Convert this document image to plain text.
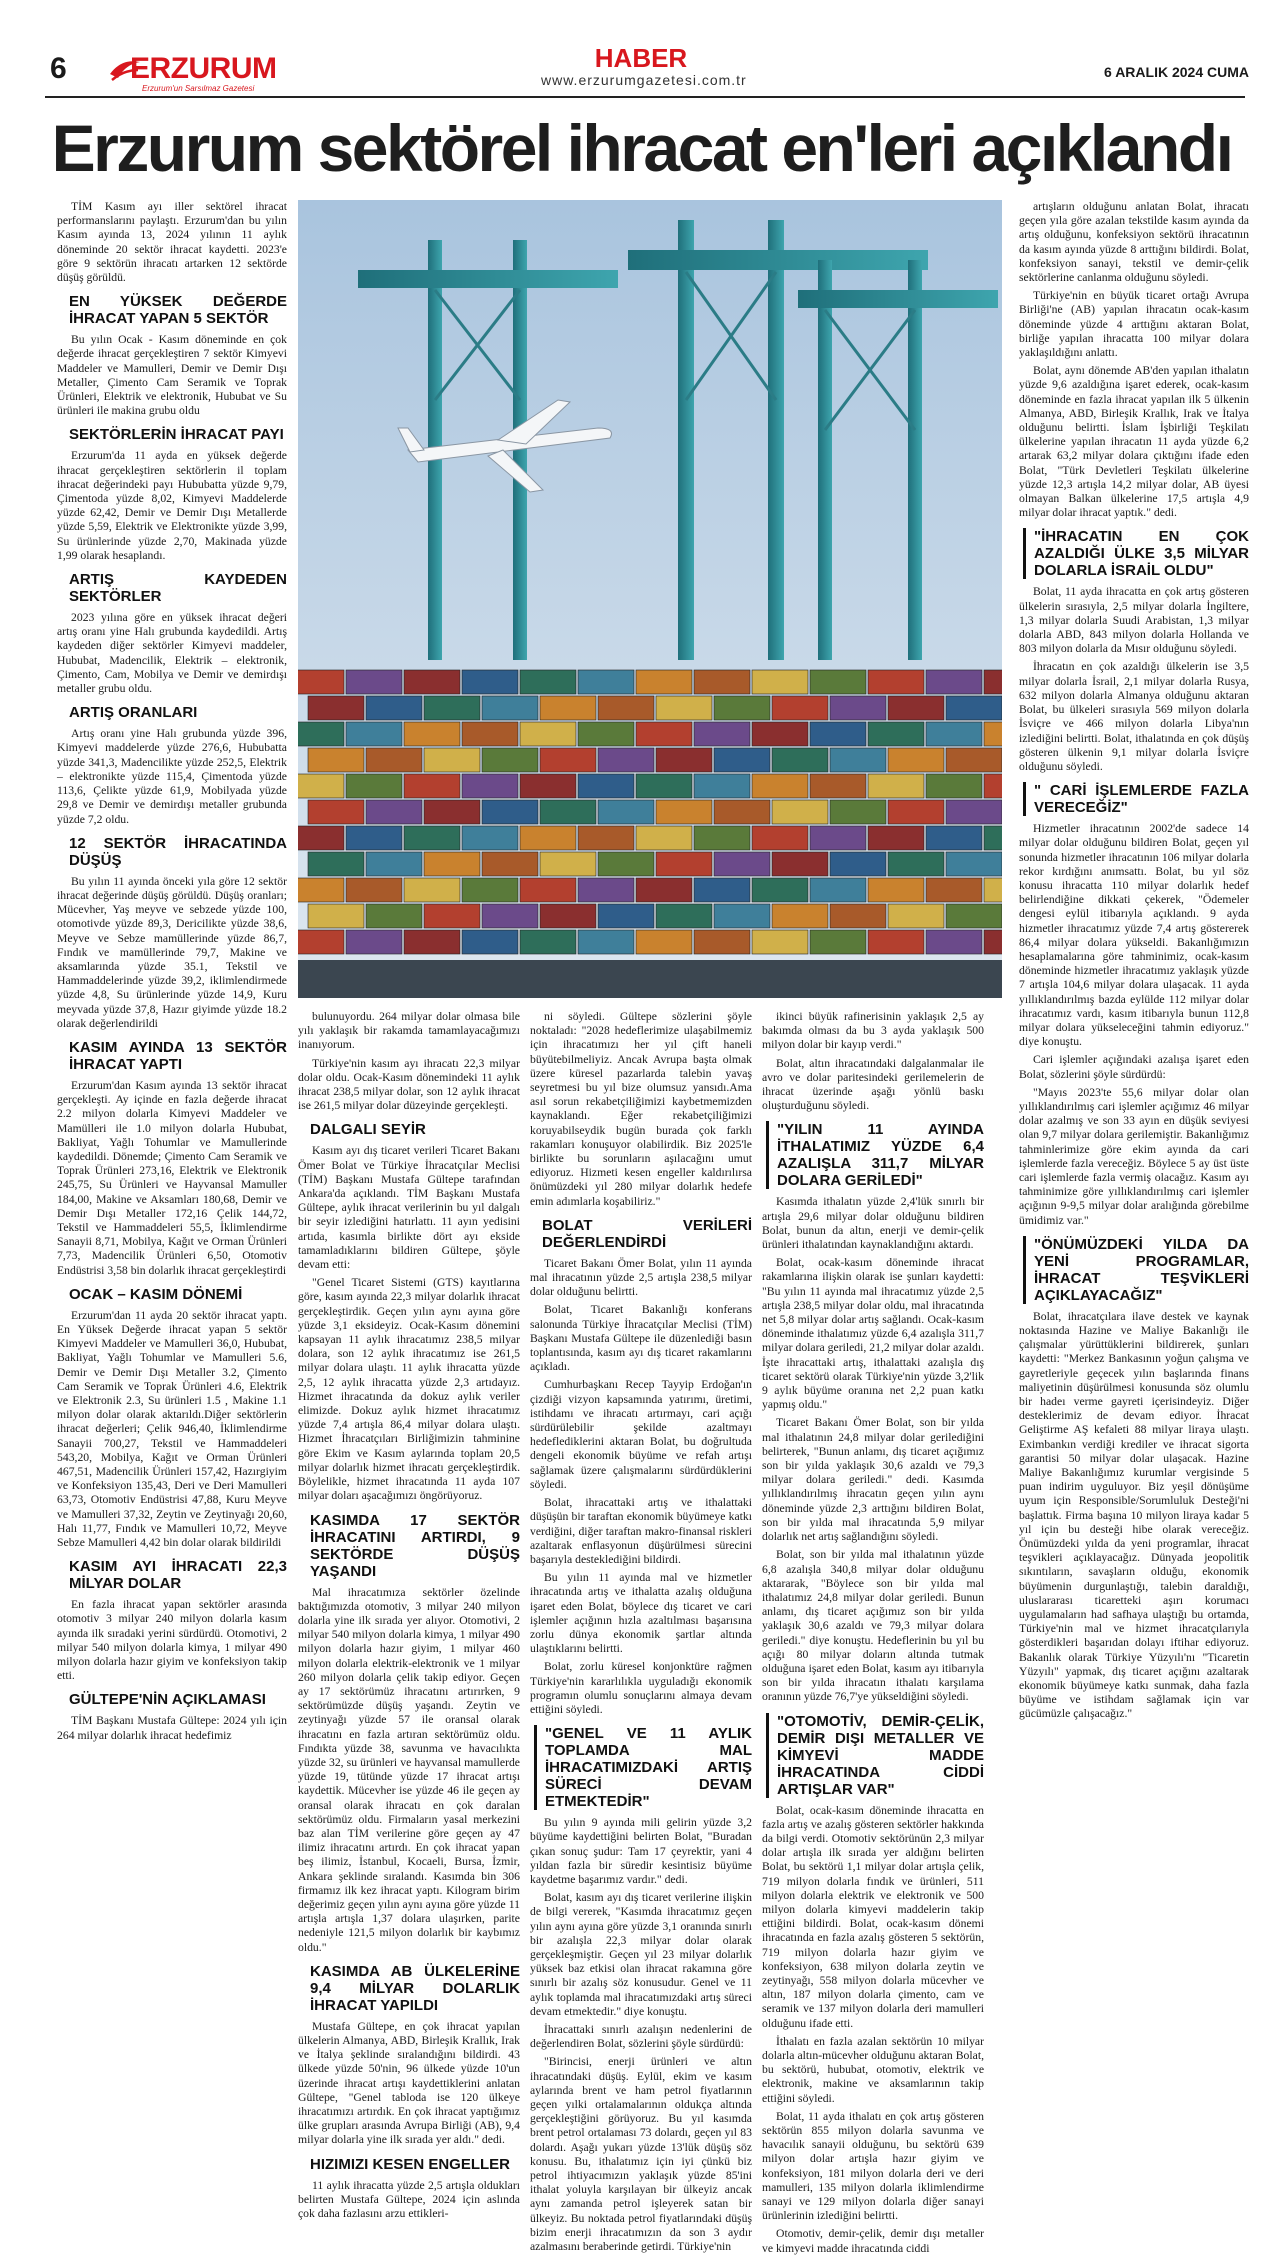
6 ERZURUM
Erzurum'un Sarsılmaz Gazetesi
HABER
www.erzurumgazetesi.com.tr	6 ARALIK 2024 CUMA
Erzurum sektörel ihracat en'leri açıklandı

TİM Kasım ayı iller sektörel ihracat performanslarını paylaştı. Erzurum'dan bu yılın Kasım ayında 13, 2024 yılının 11 aylık döneminde 20 sektör ihracat kaydetti. 2023'e göre 9 sektörün ihracatı artarken 12 sektörde düşüş görüldü.

EN YÜKSEK DEĞERDE İHRACAT YAPAN 5 SEKTÖR

Bu yılın Ocak - Kasım döneminde en çok değerde ihracat gerçekleştiren 7 sektör Kimyevi Maddeler ve Mamulleri, Demir ve Demir Dışı Metaller, Çimento Cam Seramik ve Toprak Ürünleri, Elektrik ve elektronik, Hububat ve Su ürünleri ile makina grubu oldu

SEKTÖRLERİN İHRACAT PAYI

Erzurum'da 11 ayda en yüksek değerde ihracat gerçekleştiren sektörlerin il toplam ihracat değerindeki payı Hububatta yüzde 9,79, Çimentoda yüzde 8,02, Kimyevi Maddelerde yüzde 62,42, Demir ve Demir Dışı Metallerde yüzde 5,59, Elektrik ve Elektronikte yüzde 3,99, Su ürünlerinde yüzde 2,70, Makinada yüzde 1,99 olarak hesaplandı.

ARTIŞ KAYDEDEN SEKTÖRLER

2023 yılına göre en yüksek ihracat değeri artış oranı yine Halı grubunda kaydedildi. Artış kaydeden diğer sektörler Kimyevi maddeler, Hububat, Madencilik, Elektrik – elektronik, Çimento, Cam, Mobilya ve Demir ve demirdışı metaller grubu oldu.

ARTIŞ ORANLARI

Artış oranı yine Halı grubunda yüzde 396, Kimyevi maddelerde yüzde 276,6, Hububatta yüzde 341,3, Madencilikte yüzde 252,5, Elektrik – elektronikte yüzde 115,4, Çimentoda yüzde 113,6, Çelikte yüzde 61,9, Mobilyada yüzde 29,8 ve Demir ve demirdışı metaller grubunda yüzde 7,2 oldu.

12 SEKTÖR İHRACATINDA DÜŞÜŞ

Bu yılın 11 ayında önceki yıla göre 12 sektör ihracat değerinde düşüş görüldü. Düşüş oranları; Mücevher, Yaş meyve ve sebzede yüzde 100, otomotivde yüzde 89,3, Dericilikte yüzde 38,6, Meyve ve Sebze mamüllerinde yüzde 86,7, Fındık ve mamüllerinde 79,7, Makine ve aksamlarında yüzde 35.1, Tekstil ve Hammaddelerinde yüzde 39,2, iklimlendirmede yüzde 4,8, Su ürünlerinde yüzde 14,9, Kuru meyvada yüzde 37,8, Hazır giyimde yüzde 18.2 olarak değerlendirildi

KASIM AYINDA 13 SEKTÖR İHRACAT YAPTI

Erzurum'dan Kasım ayında 13 sektör ihracat gerçekleşti. Ay içinde en fazla değerde ihracat 2.2 milyon dolarla Kimyevi Maddeler ve Mamülleri ile 1.0 milyon dolarla Hububat, Bakliyat, Yağlı Tohumlar ve Mamullerinde kaydedildi. Dönemde; Çimento Cam Seramik ve Toprak Ürünleri 273,16, Elektrik ve Elektronik 245,75, Su Ürünleri ve Hayvansal Mamuller 184,00, Makine ve Aksamları 180,68, Demir ve Demir Dışı Metaller 172,16 Çelik 144,72, Tekstil ve Hammaddeleri 55,5, İklimlendirme Sanayii 8,71, Mobilya, Kağıt ve Orman Ürünleri 7,73, Madencilik Ürünleri 6,50, Otomotiv Endüstrisi 3,58 bin dolarlık ihracat gerçekleştirdi

OCAK – KASIM DÖNEMİ

Erzurum'dan 11 ayda 20 sektör ihracat yaptı. En Yüksek Değerde ihracat yapan 5 sektör Kimyevi Maddeler ve Mamulleri 36,0, Hububat, Bakliyat, Yağlı Tohumlar ve Mamulleri 5.6, Demir ve Demir Dışı Metaller 3.2, Çimento Cam Seramik ve Toprak Ürünleri 4.6, Elektrik ve Elektronik 2.3, Su ürünleri 1.5 , Makine 1.1 milyon dolar olarak aktarıldı.Diğer sektörlerin ihracat değerleri; Çelik 946,40, İklimlendirme Sanayii 700,27, Tekstil ve Hammaddeleri 543,20, Mobilya, Kağıt ve Orman Ürünleri 467,51, Madencilik Ürünleri 157,42, Hazırgiyim ve Konfeksiyon 135,43, Deri ve Deri Mamulleri 63,73, Otomotiv Endüstrisi 47,88, Kuru Meyve ve Mamulleri 37,32, Zeytin ve Zeytinyağı 20,60, Halı 11,77, Fındık ve Mamulleri 10,72, Meyve Sebze Mamulleri 4,42 bin dolar olarak bildirildi

KASIM AYI İHRACATI 22,3 MİLYAR DOLAR

En fazla ihracat yapan sektörler arasında otomotiv 3 milyar 240 milyon dolarla kasım ayında ilk sıradaki yerini sürdürdü. Otomotivi, 2 milyar 540 milyon dolarla kimya, 1 milyar 490 milyon dolarla hazır giyim ve konfeksiyon takip etti.

GÜLTEPE'NİN AÇIKLAMASI

TİM Başkanı Mustafa Gültepe: 2024 yılı için 264 milyar dolarlık ihracat hedefimiz

bulunuyordu. 264 milyar dolar olmasa bile yılı yaklaşık bir rakamda tamamlayacağımızı inanıyorum.

Türkiye'nin kasım ayı ihracatı 22,3 milyar dolar oldu. Ocak-Kasım dönemindeki 11 aylık ihracat 238,5 milyar dolar, son 12 aylık ihracat ise 261,5 milyar dolar düzeyinde gerçekleşti.

DALGALI SEYİR

Kasım ayı dış ticaret verileri Ticaret Bakanı Ömer Bolat ve Türkiye İhracatçılar Meclisi (TİM) Başkanı Mustafa Gültepe tarafından Ankara'da açıklandı. TİM Başkanı Mustafa Gültepe, aylık ihracat verilerinin bu yıl dalgalı bir seyir izlediğini hatırlattı. 11 ayın yedisini artıda, kasımla birlikte dört ayı ekside tamamladıklarını bildiren Gültepe, şöyle devam etti:

"Genel Ticaret Sistemi (GTS) kayıtlarına göre, kasım ayında 22,3 milyar dolarlık ihracat gerçekleştirdik. Geçen yılın aynı ayına göre yüzde 3,1 eksideyiz. Ocak-Kasım dönemini kapsayan 11 aylık ihracatımız 238,5 milyar dolara, son 12 aylık ihracatımız ise 261,5 milyar dolara ulaştı. 11 aylık ihracatta yüzde 2,5, 12 aylık ihracatta yüzde 2,3 artıdayız. Hizmet ihracatında da dokuz aylık veriler elimizde. Dokuz aylık hizmet ihracatımız yüzde 7,4 artışla 86,4 milyar dolara ulaştı. Hizmet İhracatçıları Birliğimizin tahminine göre Ekim ve Kasım aylarında toplam 20,5 milyar dolarlık hizmet ihracatı gerçekleştirdik. Böylelikle, hizmet ihracatında 11 ayda 107 milyar doları aşacağımızı öngörüyoruz.

KASIMDA 17 SEKTÖR İHRACATINI ARTIRDI, 9 SEKTÖRDE DÜŞÜŞ YAŞANDI

Mal ihracatımıza sektörler özelinde baktığımızda otomotiv, 3 milyar 240 milyon dolarla yine ilk sırada yer alıyor. Otomotivi, 2 milyar 540 milyon dolarla kimya, 1 milyar 490 milyon dolarla hazır giyim, 1 milyar 460 milyon dolarla elektrik-elektronik ve 1 milyar 260 milyon dolarla çelik takip ediyor. Geçen ay 17 sektörümüz ihracatını artırırken, 9 sektörümüzde düşüş yaşandı. Zeytin ve zeytinyağı yüzde 57 ile oransal olarak ihracatını en fazla artıran sektörümüz oldu. Fındıkta yüzde 38, savunma ve havacılıkta yüzde 32, su ürünleri ve hayvansal mamullerde yüzde 19, tütünde yüzde 17 ihracat artışı kaydettik. Mücevher ise yüzde 46 ile geçen ay oransal olarak ihracatı en çok daralan sektörümüz oldu. Firmaların yasal merkezini baz alan TİM verilerine göre geçen ay 47 ilimiz ihracatını artırdı. En çok ihracat yapan beş ilimiz, İstanbul, Kocaeli, Bursa, İzmir, Ankara şeklinde sıralandı. Kasımda bin 306 firmamız ilk kez ihracat yaptı. Kilogram birim değerimiz geçen yılın aynı ayına göre yüzde 11 artışla artışla 1,37 dolara ulaşırken, parite nedeniyle 121,5 milyon dolarlık bir kaybımız oldu."

KASIMDA AB ÜLKELERİNE 9,4 MİLYAR DOLARLIK İHRACAT YAPILDI

Mustafa Gültepe, en çok ihracat yapılan ülkelerin Almanya, ABD, Birleşik Krallık, Irak ve İtalya şeklinde sıralandığını bildirdi. 43 ülkede yüzde 50'nin, 96 ülkede yüzde 10'un üzerinde ihracat artışı kaydettiklerini anlatan Gültepe, "Genel tabloda ise 120 ülkeye ihracatımızı artırdık. En çok ihracat yaptığımız ülke grupları arasında Avrupa Birliği (AB), 9,4 milyar dolarla yine ilk sırada yer aldı." dedi.

HIZIMIZI KESEN ENGELLER

11 aylık ihracatta yüzde 2,5 artışla oldukları belirten Mustafa Gültepe, 2024 için aslında çok daha fazlasını arzu ettikleri-

ni söyledi. Gültepe sözlerini şöyle noktaladı: "2028 hedeflerimize ulaşabilmemiz için ihracatımızı her yıl çift haneli büyütebilmeliyiz. Ancak Avrupa başta olmak üzere küresel pazarlarda talebin yavaş seyretmesi bu yıl bize olumsuz yansıdı.Ama asıl sorun rekabetçiliğimizi kaybetmemizden kaynaklandı. Eğer rekabetçiliğimizi koruyabilseydik bugün burada çok farklı rakamları konuşuyor olabilirdik. Biz 2025'le birlikte bu sorunların aşılacağını umut ediyoruz. Hizmeti kesen engeller kaldırılırsa önümüzdeki yıl 280 milyar dolarlık hedefe emin adımlarla koşabiliriz."

BOLAT VERİLERİ DEĞERLENDİRDİ

Ticaret Bakanı Ömer Bolat, yılın 11 ayında mal ihracatının yüzde 2,5 artışla 238,5 milyar dolar olduğunu belirtti.

Bolat, Ticaret Bakanlığı konferans salonunda Türkiye İhracatçılar Meclisi (TİM) Başkanı Mustafa Gültepe ile düzenlediği basın toplantısında, kasım ayı dış ticaret rakamlarını açıkladı.

Cumhurbaşkanı Recep Tayyip Erdoğan'ın çizdiği vizyon kapsamında yatırımı, üretimi, istihdamı ve ihracatı artırmayı, cari açığı sürdürülebilir şekilde azaltmayı hedeflediklerini aktaran Bolat, bu doğrultuda dengeli ekonomik büyüme ve refah artışı sağlamak üzere çalışmalarını sürdürdüklerini söyledi.

Bolat, ihracattaki artış ve ithalattaki düşüşün bir taraftan ekonomik büyümeye katkı verdiğini, diğer taraftan makro-finansal riskleri azaltarak enflasyonun düşürülmesi sürecini başarıyla desteklediğini bildirdi.

Bu yılın 11 ayında mal ve hizmetler ihracatında artış ve ithalatta azalış olduğuna işaret eden Bolat, böylece dış ticaret ve cari işlemler açığının hızla azaltılması başarısına zorlu dünya ekonomik şartlar altında ulaştıklarını belirtti.

Bolat, zorlu küresel konjonktüre rağmen Türkiye'nin kararlılıkla uyguladığı ekonomik programın olumlu sonuçlarını almaya devam ettiğini söyledi.

"GENEL VE 11 AYLIK TOPLAMDA MAL İHRACATIMIZDAKİ ARTIŞ SÜRECİ DEVAM ETMEKTEDİR"

Bu yılın 9 ayında mili gelirin yüzde 3,2 büyüme kaydettiğini belirten Bolat, "Buradan çıkan sonuç şudur: Tam 17 çeyrektir, yani 4 yıldan fazla bir süredir kesintisiz büyüme kaydetme başarımız vardır." dedi.

Bolat, kasım ayı dış ticaret verilerine ilişkin de bilgi vererek, "Kasımda ihracatımız geçen yılın aynı ayına göre yüzde 3,1 oranında sınırlı bir azalışla 22,3 milyar dolar olarak gerçekleşmiştir. Geçen yıl 23 milyar dolarlık yüksek baz etkisi olan ihracat rakamına göre sınırlı bir azalış söz konusudur. Genel ve 11 aylık toplamda mal ihracatımızdaki artış süreci devam etmektedir." diye konuştu.

İhracattaki sınırlı azalışın nedenlerini de değerlendiren Bolat, sözlerini şöyle sürdürdü:

"Birincisi, enerji ürünleri ve altın ihracatındaki düşüş. Eylül, ekim ve kasım aylarında brent ve ham petrol fiyatlarının geçen yılki ortalamalarının oldukça altında gerçekleştiğini görüyoruz. Bu yıl kasımda brent petrol ortalaması 73 dolardı, geçen yıl 83 dolardı. Aşağı yukarı yüzde 13'lük düşüş söz konusu. Bu, ithalatımız için iyi çünkü biz petrol ihtiyacımızın yaklaşık yüzde 85'ini ithalat yoluyla karşılayan bir ülkeyiz ancak aynı zamanda petrol işleyerek satan bir ülkeyiz. Bu noktada petrol fiyatlarındaki düşüş bizim enerji ihracatımızın da son 3 aydır azalmasını beraberinde getirdi. Türkiye'nin

ikinci büyük rafinerisinin yaklaşık 2,5 ay bakımda olması da bu 3 ayda yaklaşık 500 milyon dolar bir kayıp verdi."

Bolat, altın ihracatındaki dalgalanmalar ile avro ve dolar paritesindeki gerilemelerin de ihracat üzerinde aşağı yönlü baskı oluşturduğunu söyledi.

"YILIN 11 AYINDA İTHALATIMIZ YÜZDE 6,4 AZALIŞLA 311,7 MİLYAR DOLARA GERİLEDİ"

Kasımda ithalatın yüzde 2,4'lük sınırlı bir artışla 29,6 milyar dolar olduğunu bildiren Bolat, bunun da altın, enerji ve demir-çelik ürünleri ithalatından kaynaklandığını aktardı.

Bolat, ocak-kasım döneminde ihracat rakamlarına ilişkin olarak ise şunları kaydetti: "Bu yılın 11 ayında mal ihracatımız yüzde 2,5 artışla 238,5 milyar dolar oldu, mal ihracatında net 5,8 milyar dolar artış sağlandı. Ocak-kasım döneminde ithalatımız yüzde 6,4 azalışla 311,7 milyar dolara geriledi, 21,2 milyar dolar azaldı. İşte ihracattaki artış, ithalattaki azalışla dış ticaret sektörü olarak Türkiye'nin yüzde 3,2'lik 9 aylık büyüme oranına net 2,2 puan katkı yapmış oldu."

Ticaret Bakanı Ömer Bolat, son bir yılda mal ithalatının 24,8 milyar dolar gerilediğini belirterek, "Bunun anlamı, dış ticaret açığımız son bir yılda yaklaşık 30,6 azaldı ve 79,3 milyar dolara geriledi." dedi. Kasımda yıllıklandırılmış ihracatın geçen yılın aynı döneminde yüzde 2,3 arttığını bildiren Bolat, son bir yılda mal ihracatında 5,9 milyar dolarlık net artış sağlandığını söyledi.

Bolat, son bir yılda mal ithalatının yüzde 6,8 azalışla 340,8 milyar dolar olduğunu aktararak, "Böylece son bir yılda mal ithalatımız 24,8 milyar dolar geriledi. Bunun anlamı, dış ticaret açığımız son bir yılda yaklaşık 30,6 azaldı ve 79,3 milyar dolara geriledi." diye konuştu. Hedeflerinin bu yıl bu açığı 80 milyar doların altında tutmak olduğuna işaret eden Bolat, kasım ayı itibarıyla son bir yılda ihracatın ithalatı karşılama oranının yüzde 76,7'ye yükseldiğini söyledi.

"OTOMOTİV, DEMİR-ÇELİK, DEMİR DIŞI METALLER VE KİMYEVİ MADDE İHRACATINDA CİDDİ ARTIŞLAR VAR"

Bolat, ocak-kasım döneminde ihracatta en fazla artış ve azalış gösteren sektörler hakkında da bilgi verdi. Otomotiv sektörünün 2,3 milyar dolar artışla ilk sırada yer aldığını belirten Bolat, bu sektörü 1,1 milyar dolar artışla çelik, 719 milyon dolarla fındık ve ürünleri, 511 milyon dolarla elektrik ve elektronik ve 500 milyon dolarla kimyevi maddelerin takip ettiğini bildirdi. Bolat, ocak-kasım dönemi ihracatında en fazla azalış gösteren 5 sektörün, 719 milyon dolarla hazır giyim ve konfeksiyon, 638 milyon dolarla zeytin ve zeytinyağı, 558 milyon dolarla mücevher ve altın, 187 milyon dolarla çimento, cam ve seramik ve 137 milyon dolarla deri mamulleri olduğunu ifade etti.

İthalatı en fazla azalan sektörün 10 milyar dolarla altın-mücevher olduğunu aktaran Bolat, bu sektörü, hububat, otomotiv, elektrik ve elektronik, makine ve aksamlarının takip ettiğini söyledi.

Bolat, 11 ayda ithalatı en çok artış gösteren sektörün 855 milyon dolarla savunma ve havacılık sanayii olduğunu, bu sektörü 639 milyon dolar artışla hazır giyim ve konfeksiyon, 181 milyon dolarla deri ve deri mamulleri, 135 milyon dolarla iklimlendirme sanayi ve 129 milyon dolarla diğer sanayi ürünlerinin izlediğini belirtti.

Otomotiv, demir-çelik, demir dışı metaller ve kimyevi madde ihracatında ciddi

artışların olduğunu anlatan Bolat, ihracatı geçen yıla göre azalan tekstilde kasım ayında da artış olduğunu, konfeksiyon sektörü ihracatının da kasım ayında yüzde 8 arttığını bildirdi. Bolat, konfeksiyon sanayi, tekstil ve demir-çelik sektörlerine canlanma olduğunu söyledi.

Türkiye'nin en büyük ticaret ortağı Avrupa Birliği'ne (AB) yapılan ihracatın ocak-kasım döneminde yüzde 4 arttığını aktaran Bolat, birliğe yapılan ihracatta 100 milyar dolara yaklaşıldığını anlattı.

Bolat, aynı dönemde AB'den yapılan ithalatın yüzde 9,6 azaldığına işaret ederek, ocak-kasım döneminde en fazla ihracat yapılan ilk 5 ülkenin Almanya, ABD, Birleşik Krallık, Irak ve İtalya olduğunu belirtti. İslam İşbirliği Teşkilatı ülkelerine yapılan ihracatın 11 ayda yüzde 6,2 artarak 63,2 milyar dolara çıktığını ifade eden Bolat, "Türk Devletleri Teşkilatı ülkelerine yüzde 12,3 artışla 14,2 milyar dolar, AB üyesi olmayan Balkan ülkelerine 17,5 artışla 4,9 milyar dolar ihracat yaptık." dedi.

"İHRACATIN EN ÇOK AZALDIĞI ÜLKE 3,5 MİLYAR DOLARLA İSRAİL OLDU"

Bolat, 11 ayda ihracatta en çok artış gösteren ülkelerin sırasıyla, 2,5 milyar dolarla İngiltere, 1,3 milyar dolarla Suudi Arabistan, 1,3 milyar dolarla ABD, 843 milyon dolarla Hollanda ve 803 milyon dolarla da Mısır olduğunu söyledi.

İhracatın en çok azaldığı ülkelerin ise 3,5 milyar dolarla İsrail, 2,1 milyar dolarla Rusya, 632 milyon dolarla Almanya olduğunu aktaran Bolat, bu ülkeleri sırasıyla 569 milyon dolarla İsviçre ve 466 milyon dolarla Libya'nın izlediğini belirtti. Bolat, ithalatında en çok düşüş gösteren ülkenin 9,1 milyar dolarla İsviçre olduğunu söyledi.

" CARİ İŞLEMLERDE FAZLA VERECEĞİZ"

Hizmetler ihracatının 2002'de sadece 14 milyar dolar olduğunu bildiren Bolat, geçen yıl sonunda hizmetler ihracatının 106 milyar dolarla rekor kırdığını anımsattı. Bolat, bu yıl söz konusu ihracatta 110 milyar dolarlık hedef belirlendiğine dikkati çekerek, "Ödemeler dengesi eylül itibarıyla açıklandı. 9 ayda hizmetler ihracatımız yüzde 7,4 artış göstererek 86,4 milyar dolara yükseldi. Bakanlığımızın hesaplamalarına göre tahminimiz, ocak-kasım döneminde hizmetler ihracatımız yaklaşık yüzde 7 artışla 104,6 milyar dolara ulaşacak. 11 ayda yıllıklandırılmış bazda eylülde 112 milyar dolar ihracatımız vardı, kasım itibarıyla bunun 112,8 milyar dolara yükseleceğini tahmin ediyoruz." diye konuştu.

Cari işlemler açığındaki azalışa işaret eden Bolat, sözlerini şöyle sürdürdü:

"Mayıs 2023'te 55,6 milyar dolar olan yıllıklandırılmış cari işlemler açığımız 46 milyar dolar azalmış ve son 33 ayın en düşük seviyesi olan 9,7 milyar dolara gerilemiştir. Bakanlığımız tahminlerimize göre ekim ayında da cari işlemlerde fazla vereceğiz. Böylece 5 ay üst üste cari işlemlerde fazla vermiş olacağız. Kasım ayı tahminimize göre yıllıklandırılmış cari işlemler açığının 9-9,5 milyar dolar aralığında görebilme ümidimiz var."

"ÖNÜMÜZDEKİ YILDA DA YENİ PROGRAMLAR, İHRACAT TEŞVİKLERİ AÇIKLAYACAĞIZ"

Bolat, ihracatçılara ilave destek ve kaynak noktasında Hazine ve Maliye Bakanlığı ile çalışmalar yürüttüklerini bildirerek, şunları kaydetti: "Merkez Bankasının yoğun çalışma ve gayretleriyle geçecek yılın başlarında finans maliyetinin düşürülmesi konusunda söz olumlu bir hadeı verme gayreti içerisindeyiz. Diğer desteklerimiz de devam ediyor. İhracat Geliştirme AŞ kefaleti 88 milyar liraya ulaştı. Eximbankın verdiği krediler ve ihracat sigorta garantisi 50 milyar dolar ulaşacak. Hazine Maliye Bakanlığımız kurumlar vergisinde 5 puan indirim uyguluyor. Biz yeşil dönüşüme uyum için Responsible/Sorumluluk Desteği'ni başlattık. Firma başına 10 milyon liraya kadar 5 yıl için bu desteği hibe olarak vereceğiz. Önümüzdeki yılda da yeni programlar, ihracat teşvikleri açıklayacağız. Dünyada jeopolitik sıkıntıların, savaşların olduğu, ekonomik büyümenin durgunlaştığı, talebin daraldığı, uluslararası ticaretteki aşırı korumacı uygulamaların had safhaya ulaştığı bu ortamda, Türkiye'nin mal ve hizmet ihracatçılarıyla gösterdikleri başarıdan dolayı iftihar ediyoruz. Bakanlık olarak Türkiye Yüzyılı'nı "Ticaretin Yüzyılı" yapmak, dış ticaret açığını azaltarak ekonomik büyümeye katkı sunmak, daha fazla büyüme ve istihdam sağlamak için var gücümüzle çalışacağız."
